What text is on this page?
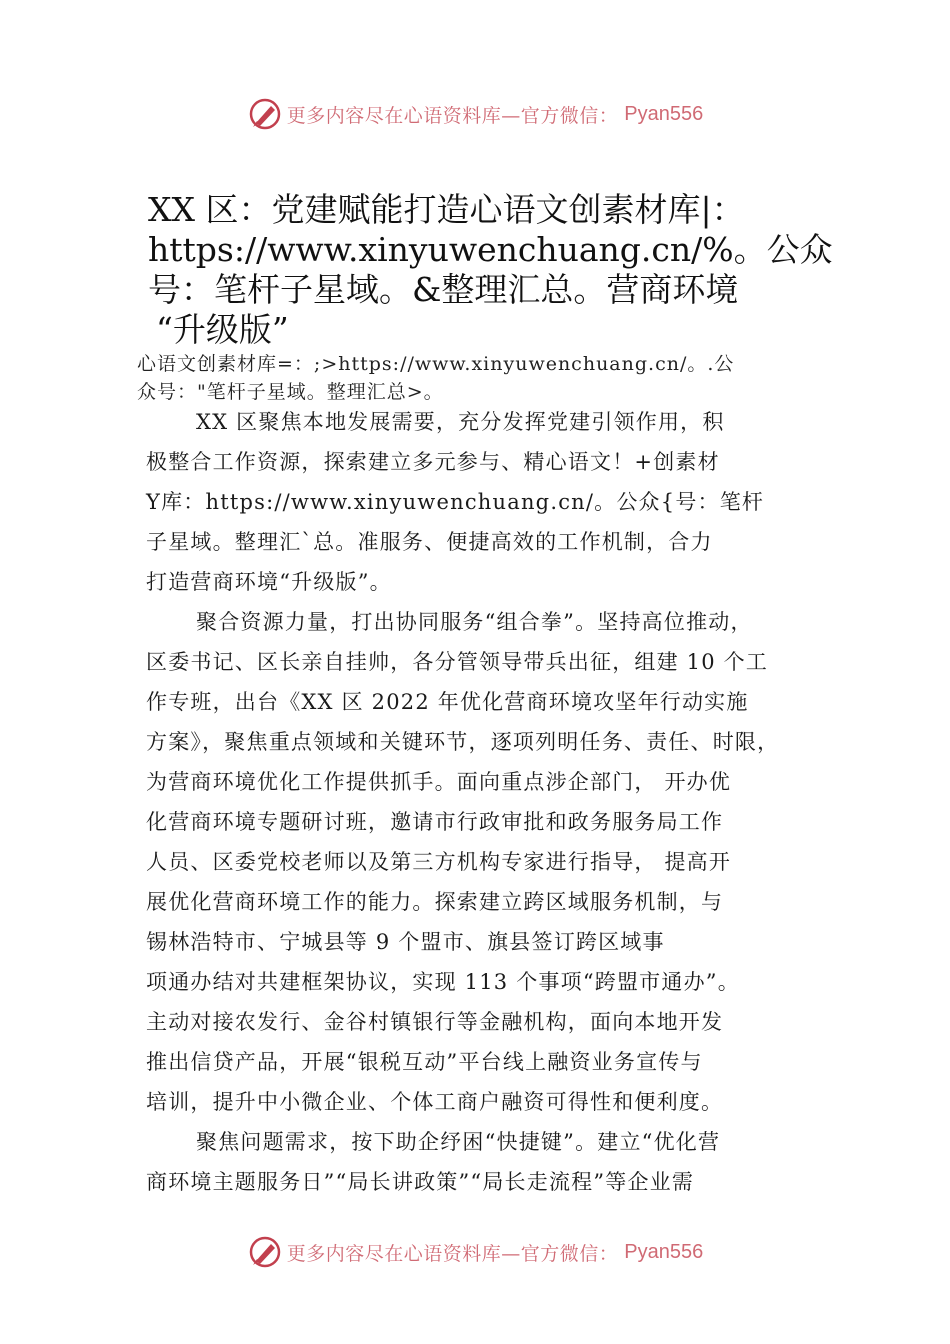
更多内容尽在心语资料库—官方微信： Pyan556
XX 区：党建赋能打造心语文创素材库|：
https://www.xinyuwenchuang.cn/%。公众
号：笔杆子星域。&整理汇总。营商环境
“升级版”
心语文创素材库=：;>https://www.xinyuwenchuang.cn/。.公
众号："笔杆子星域。整理汇总>。
XX 区聚焦本地发展需要，充分发挥党建引领作用，积
极整合工作资源，探索建立多元参与、精心语文！+创素材
Y库：https://www.xinyuwenchuang.cn/。公众{号：笔杆
子星域。整理汇`总。准服务、便捷高效的工作机制，合力
打造营商环境“升级版”。
聚合资源力量，打出协同服务“组合拳”。坚持高位推动，
区委书记、区长亲自挂帅，各分管领导带兵出征，组建 10 个工
作专班，出台《XX 区 2022 年优化营商环境攻坚年行动实施
方案》，聚焦重点领域和关键环节，逐项列明任务、责任、时限，
为营商环境优化工作提供抓手。面向重点涉企部门， 开办优
化营商环境专题研讨班，邀请市行政审批和政务服务局工作
人员、区委党校老师以及第三方机构专家进行指导， 提高开
展优化营商环境工作的能力。探索建立跨区域服务机制，与
锡林浩特市、宁城县等 9 个盟市、旗县签订跨区域事
项通办结对共建框架协议，实现 113 个事项“跨盟市通办”。
主动对接农发行、金谷村镇银行等金融机构，面向本地开发
推出信贷产品，开展“银税互动”平台线上融资业务宣传与
培训，提升中小微企业、个体工商户融资可得性和便利度。
聚焦问题需求，按下助企纾困“快捷键”。建立“优化营
商环境主题服务日”“局长讲政策”“局长走流程”等企业需
更多内容尽在心语资料库—官方微信： Pyan556
